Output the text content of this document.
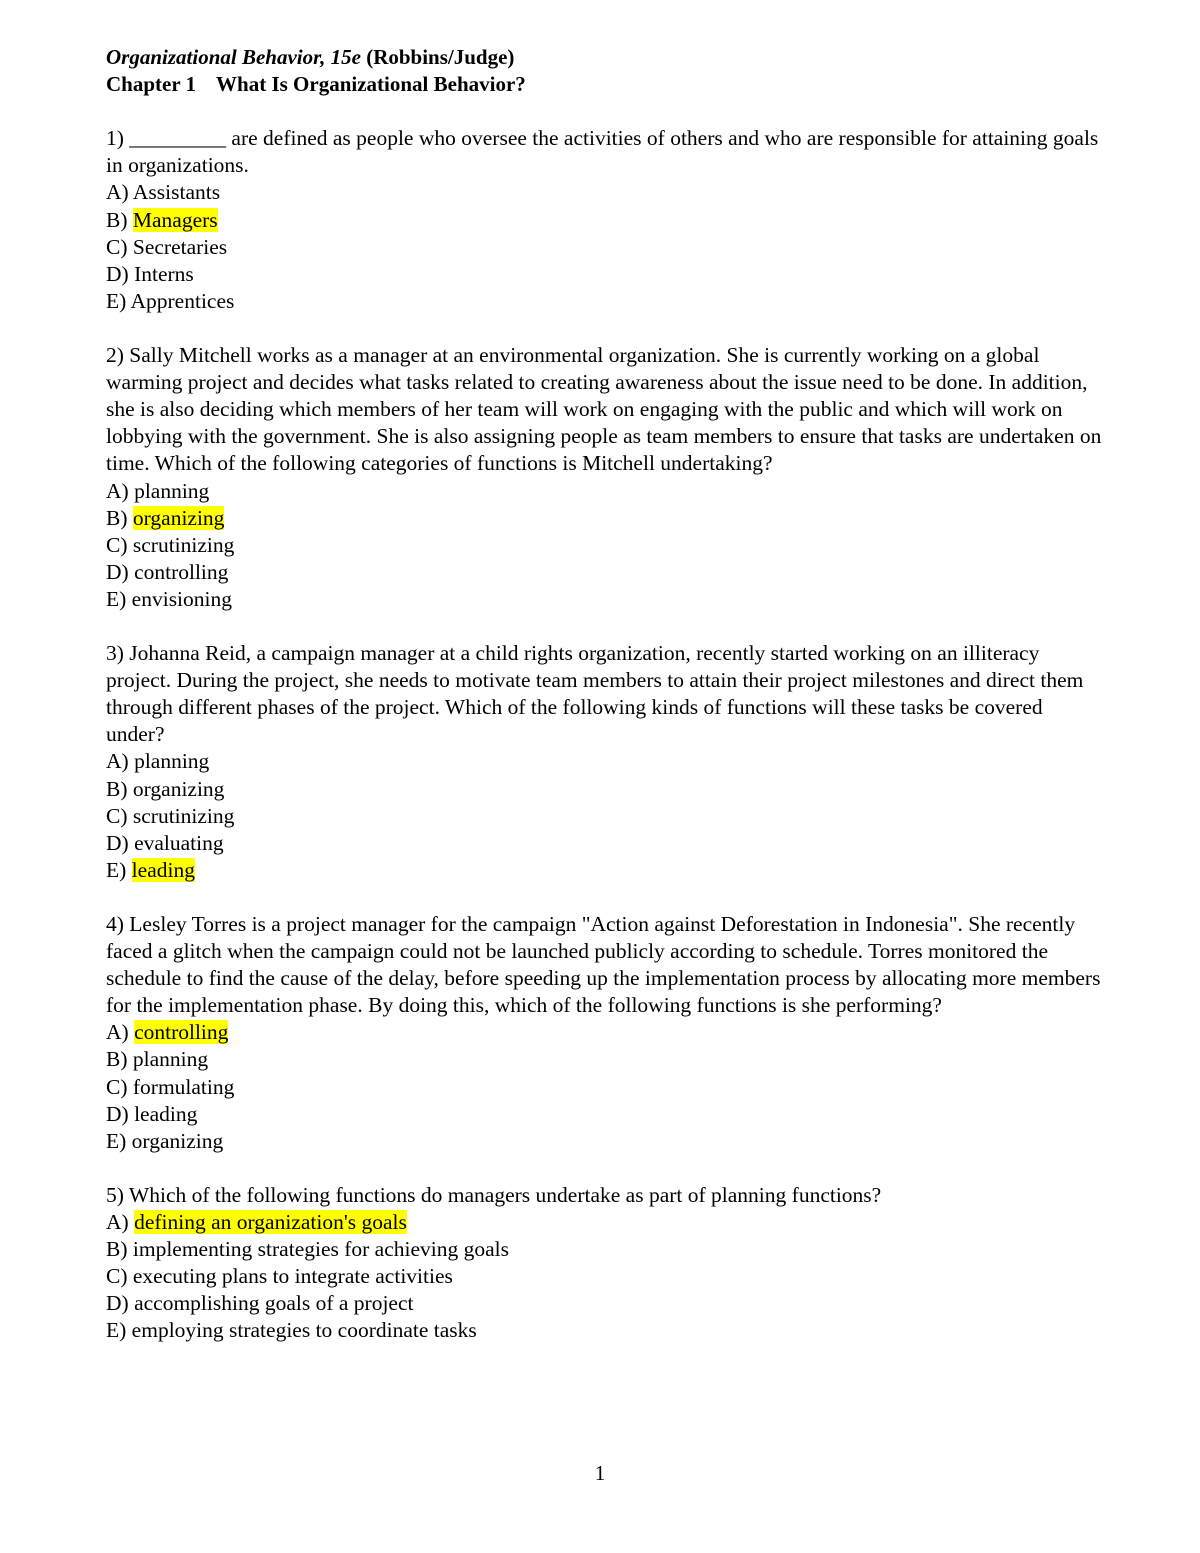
Organizational Behavior, 15e (Robbins/Judge)
Chapter 1 What Is Organizational Behavior?
1) _________ are defined as people who oversee the activities of others and who are responsible for attaining goals in organizations.
A) Assistants
B) Managers
C) Secretaries
D) Interns
E) Apprentices
2) Sally Mitchell works as a manager at an environmental organization. She is currently working on a global warming project and decides what tasks related to creating awareness about the issue need to be done. In addition, she is also deciding which members of her team will work on engaging with the public and which will work on lobbying with the government. She is also assigning people as team members to ensure that tasks are undertaken on time. Which of the following categories of functions is Mitchell undertaking?
A) planning
B) organizing
C) scrutinizing
D) controlling
E) envisioning
3) Johanna Reid, a campaign manager at a child rights organization, recently started working on an illiteracy project. During the project, she needs to motivate team members to attain their project milestones and direct them through different phases of the project. Which of the following kinds of functions will these tasks be covered under?
A) planning
B) organizing
C) scrutinizing
D) evaluating
E) leading
4) Lesley Torres is a project manager for the campaign "Action against Deforestation in Indonesia". She recently faced a glitch when the campaign could not be launched publicly according to schedule. Torres monitored the schedule to find the cause of the delay, before speeding up the implementation process by allocating more members for the implementation phase. By doing this, which of the following functions is she performing?
A) controlling
B) planning
C) formulating
D) leading
E) organizing
5) Which of the following functions do managers undertake as part of planning functions?
A) defining an organization's goals
B) implementing strategies for achieving goals
C) executing plans to integrate activities
D) accomplishing goals of a project
E) employing strategies to coordinate tasks
1
